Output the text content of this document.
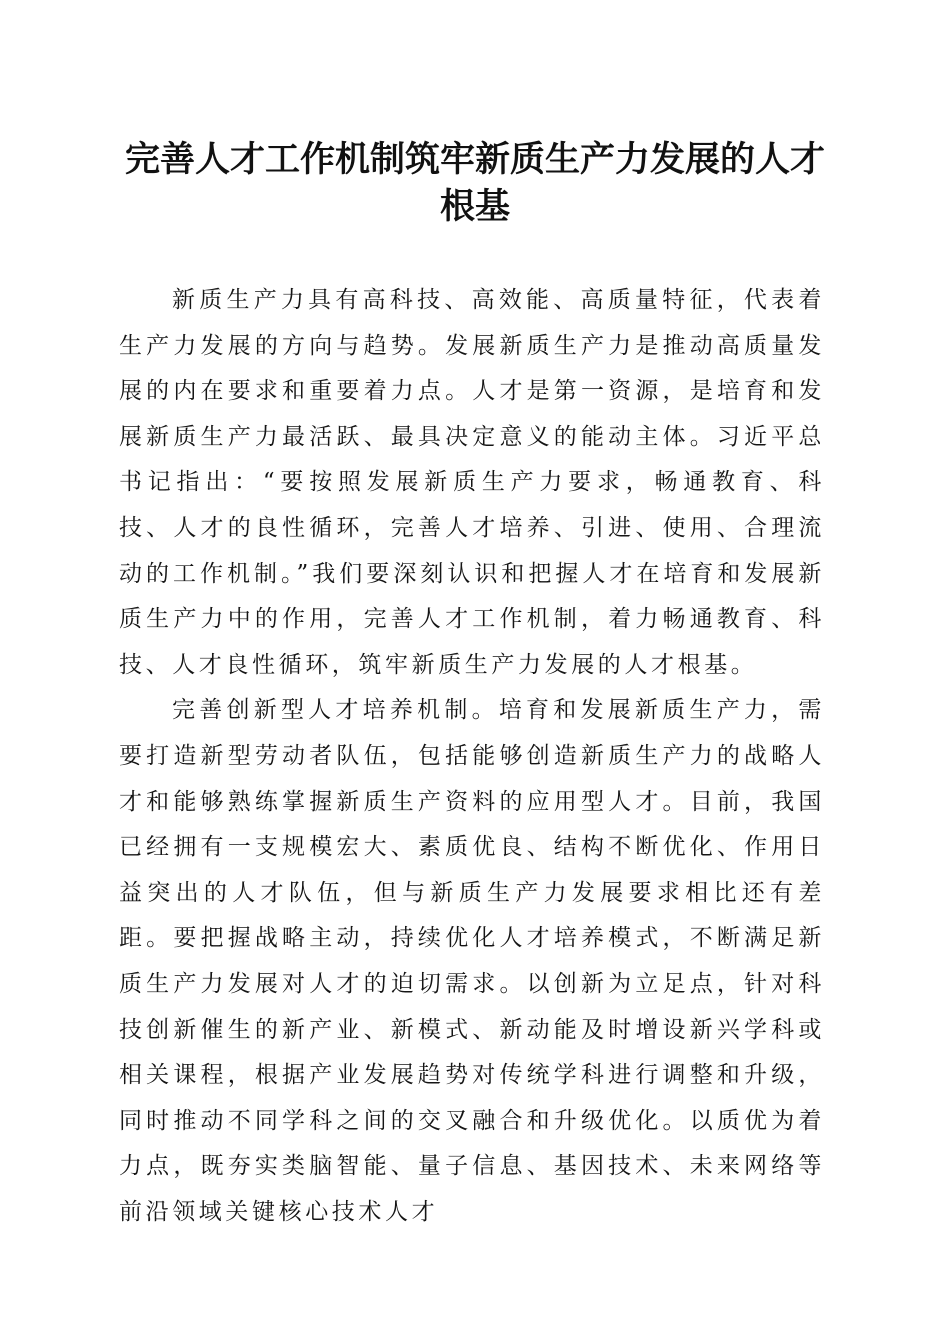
完善人才工作机制筑牢新质生产力发展的人才根基

新质生产力具有高科技、高效能、高质量特征，代表着生产力发展的方向与趋势。发展新质生产力是推动高质量发展的内在要求和重要着力点。人才是第一资源，是培育和发展新质生产力最活跃、最具决定意义的能动主体。习近平总书记指出：“要按照发展新质生产力要求，畅通教育、科技、人才的良性循环，完善人才培养、引进、使用、合理流动的工作机制。”我们要深刻认识和把握人才在培育和发展新质生产力中的作用，完善人才工作机制，着力畅通教育、科技、人才良性循环，筑牢新质生产力发展的人才根基。

完善创新型人才培养机制。培育和发展新质生产力，需要打造新型劳动者队伍，包括能够创造新质生产力的战略人才和能够熟练掌握新质生产资料的应用型人才。目前，我国已经拥有一支规模宏大、素质优良、结构不断优化、作用日益突出的人才队伍，但与新质生产力发展要求相比还有差距。要把握战略主动，持续优化人才培养模式，不断满足新质生产力发展对人才的迫切需求。以创新为立足点，针对科技创新催生的新产业、新模式、新动能及时增设新兴学科或相关课程，根据产业发展趋势对传统学科进行调整和升级，同时推动不同学科之间的交叉融合和升级优化。以质优为着力点，既夯实类脑智能、量子信息、基因技术、未来网络等前沿领域关键核心技术人才
